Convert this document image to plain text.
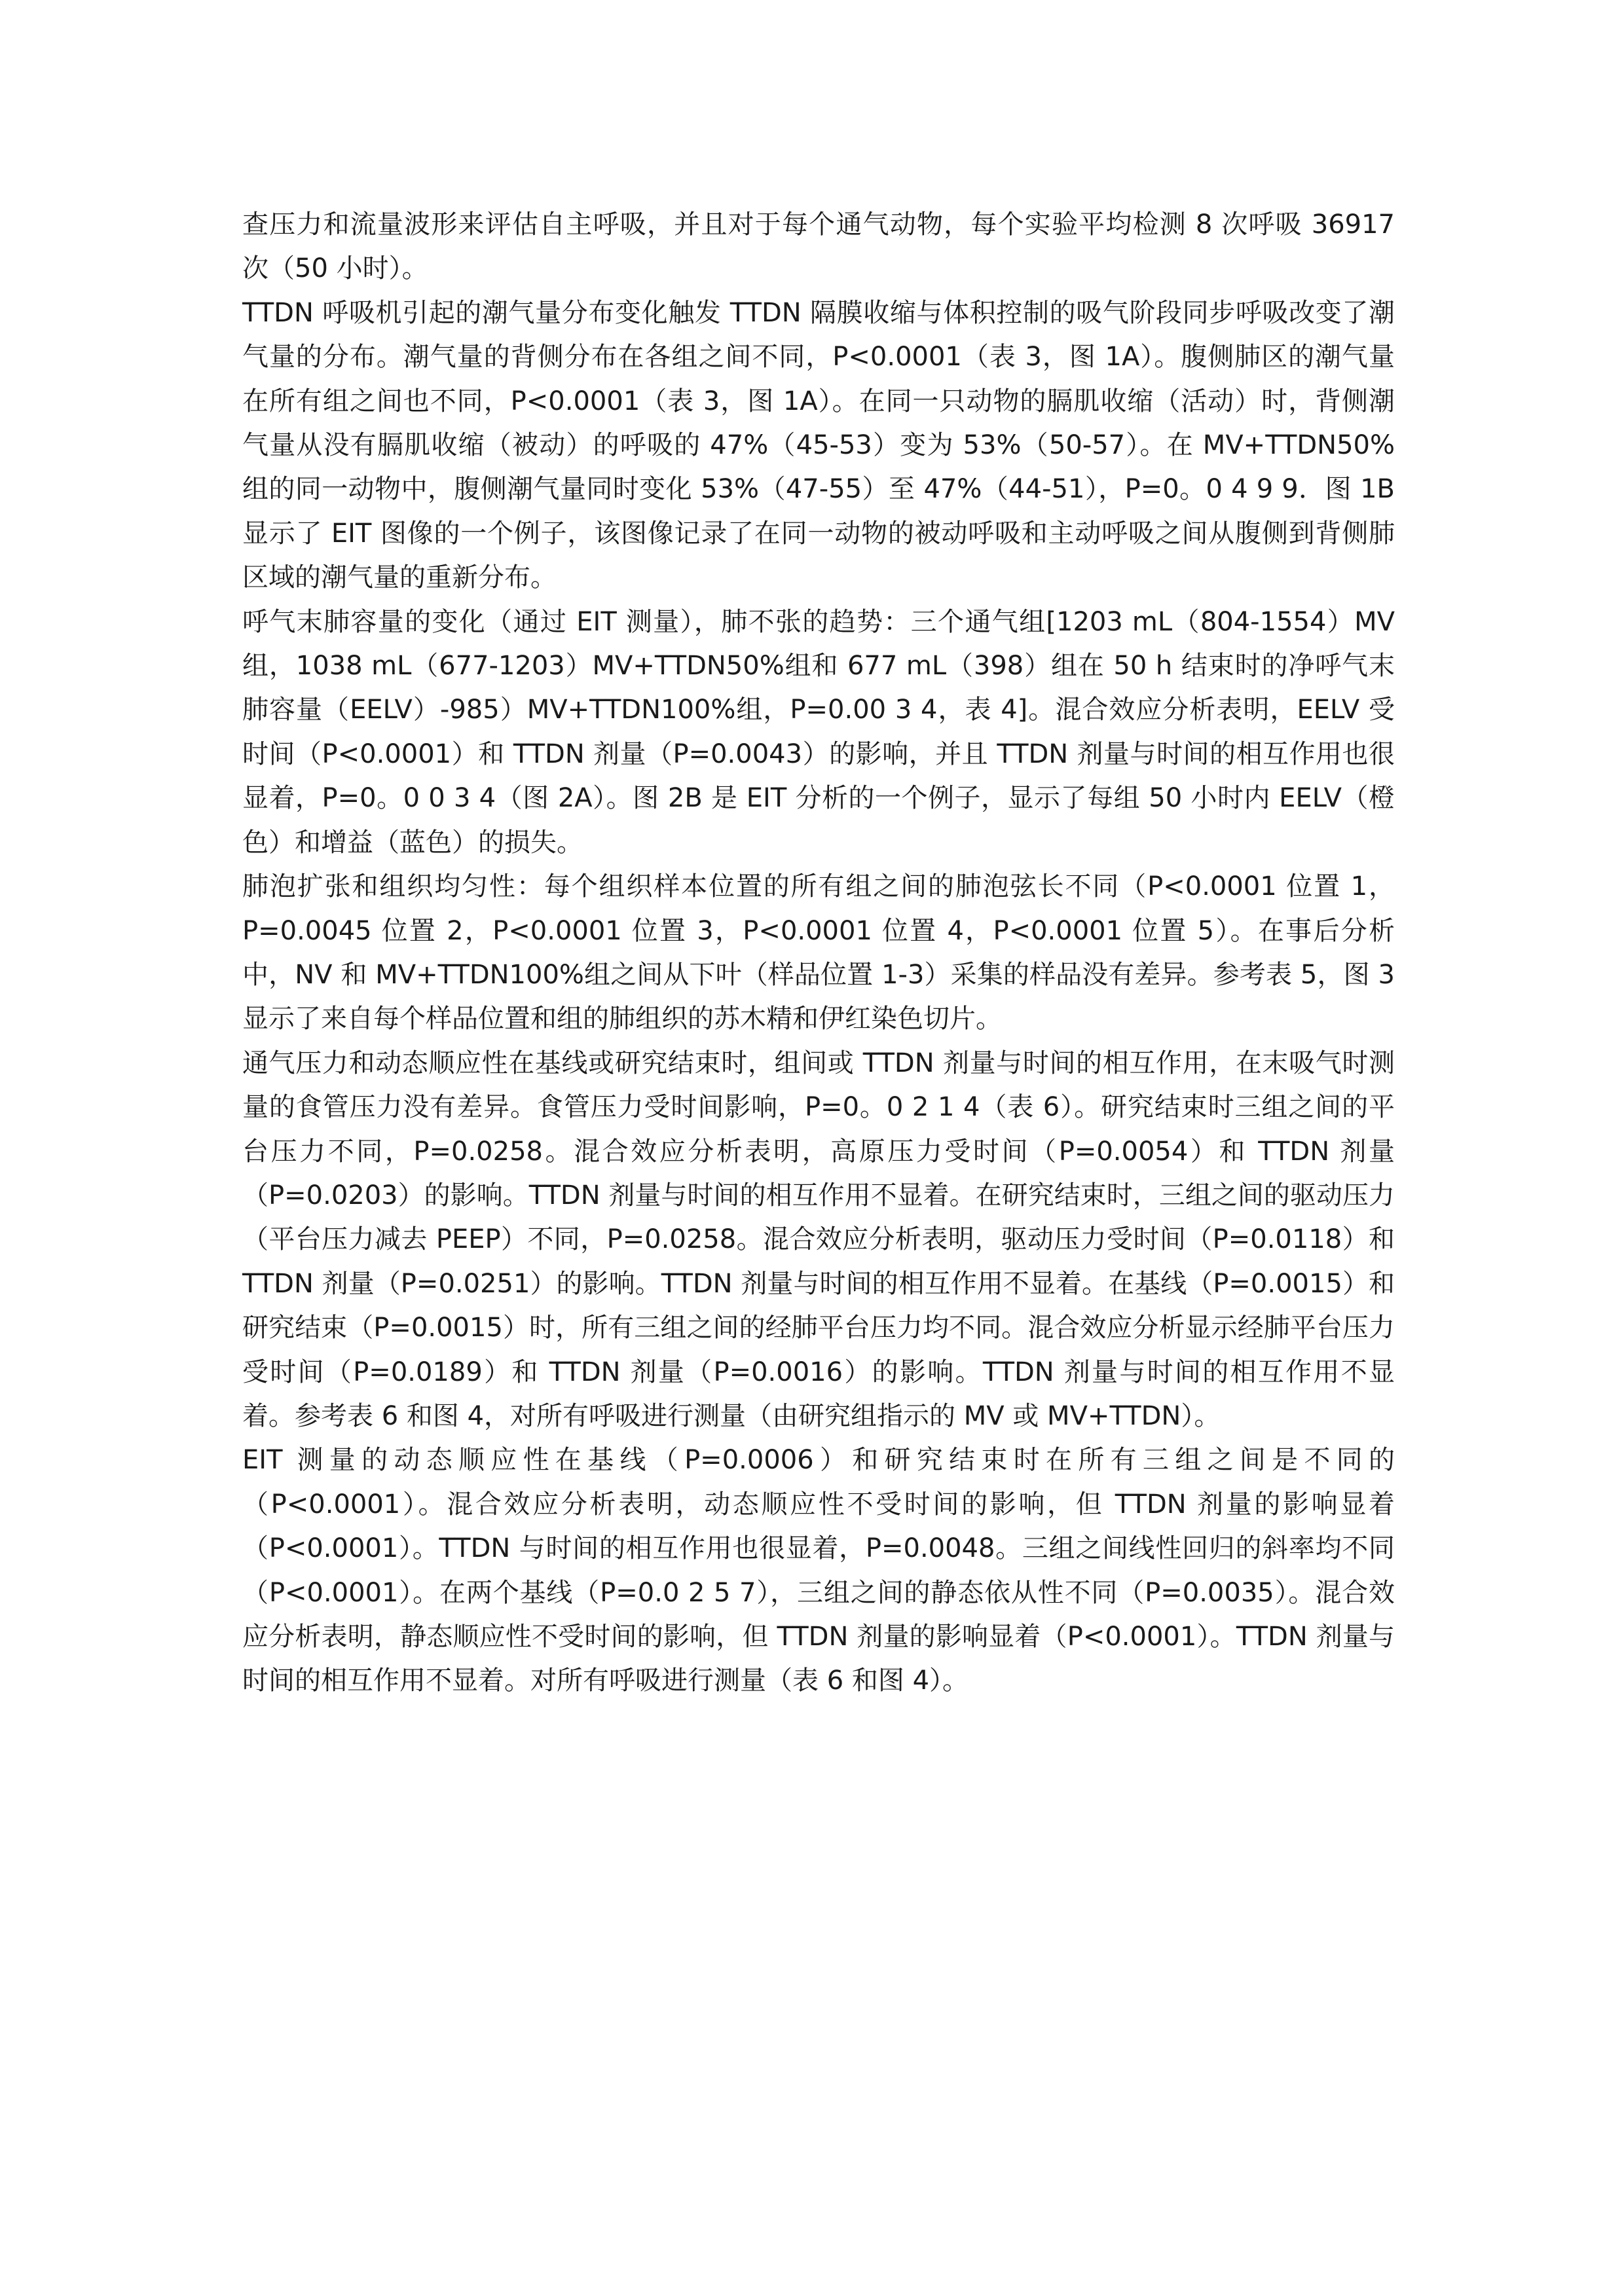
查压力和流量波形来评估自主呼吸，并且对于每个通气动物，每个实验平均检测 8 次呼吸 36917 次（50 小时）。

TTDN 呼吸机引起的潮气量分布变化触发 TTDN 隔膜收缩与体积控制的吸气阶段同步呼吸改变了潮气量的分布。潮气量的背侧分布在各组之间不同，P<0.0001（表 3，图 1A）。腹侧肺区的潮气量在所有组之间也不同，P<0.0001（表 3，图 1A）。在同一只动物的膈肌收缩（活动）时，背侧潮气量从没有膈肌收缩（被动）的呼吸的 47%（45-53）变为 53%（50-57）。在 MV+TTDN50%组的同一动物中，腹侧潮气量同时变化 53%（47-55）至 47%（44-51），P=0。0 4 9 9．图 1B 显示了 EIT 图像的一个例子，该图像记录了在同一动物的被动呼吸和主动呼吸之间从腹侧到背侧肺区域的潮气量的重新分布。

呼气末肺容量的变化（通过 EIT 测量），肺不张的趋势：三个通气组[1203 mL（804-1554）MV 组，1038 mL（677-1203）MV+TTDN50%组和 677 mL（398）组在 50 h 结束时的净呼气末肺容量（EELV）-985）MV+TTDN100%组，P=0.00 3 4，表 4]。混合效应分析表明，EELV 受时间（P<0.0001）和 TTDN 剂量（P=0.0043）的影响，并且 TTDN 剂量与时间的相互作用也很显着，P=0。0 0 3 4（图 2A）。图 2B 是 EIT 分析的一个例子，显示了每组 50 小时内 EELV（橙色）和增益（蓝色）的损失。

肺泡扩张和组织均匀性：每个组织样本位置的所有组之间的肺泡弦长不同（P<0.0001 位置 1，P=0.0045 位置 2，P<0.0001 位置 3，P<0.0001 位置 4，P<0.0001 位置 5）。在事后分析中，NV 和 MV+TTDN100%组之间从下叶（样品位置 1-3）采集的样品没有差异。参考表 5，图 3 显示了来自每个样品位置和组的肺组织的苏木精和伊红染色切片。

通气压力和动态顺应性在基线或研究结束时，组间或 TTDN 剂量与时间的相互作用，在末吸气时测量的食管压力没有差异。食管压力受时间影响，P=0。0 2 1 4（表 6）。研究结束时三组之间的平台压力不同，P=0.0258。混合效应分析表明，高原压力受时间（P=0.0054）和 TTDN 剂量（P=0.0203）的影响。TTDN 剂量与时间的相互作用不显着。在研究结束时，三组之间的驱动压力（平台压力减去 PEEP）不同，P=0.0258。混合效应分析表明，驱动压力受时间（P=0.0118）和 TTDN 剂量（P=0.0251）的影响。TTDN 剂量与时间的相互作用不显着。在基线（P=0.0015）和研究结束（P=0.0015）时，所有三组之间的经肺平台压力均不同。混合效应分析显示经肺平台压力受时间（P=0.0189）和 TTDN 剂量（P=0.0016）的影响。TTDN 剂量与时间的相互作用不显着。参考表 6 和图 4，对所有呼吸进行测量（由研究组指示的 MV 或 MV+TTDN）。

EIT 测量的动态顺应性在基线（P=0.0006）和研究结束时在所有三组之间是不同的（P<0.0001）。混合效应分析表明，动态顺应性不受时间的影响，但 TTDN 剂量的影响显着（P<0.0001）。TTDN 与时间的相互作用也很显着，P=0.0048。三组之间线性回归的斜率均不同（P<0.0001）。在两个基线（P=0.0 2 5 7），三组之间的静态依从性不同（P=0.0035）。混合效应分析表明，静态顺应性不受时间的影响，但 TTDN 剂量的影响显着（P<0.0001）。TTDN 剂量与时间的相互作用不显着。对所有呼吸进行测量（表 6 和图 4）。
